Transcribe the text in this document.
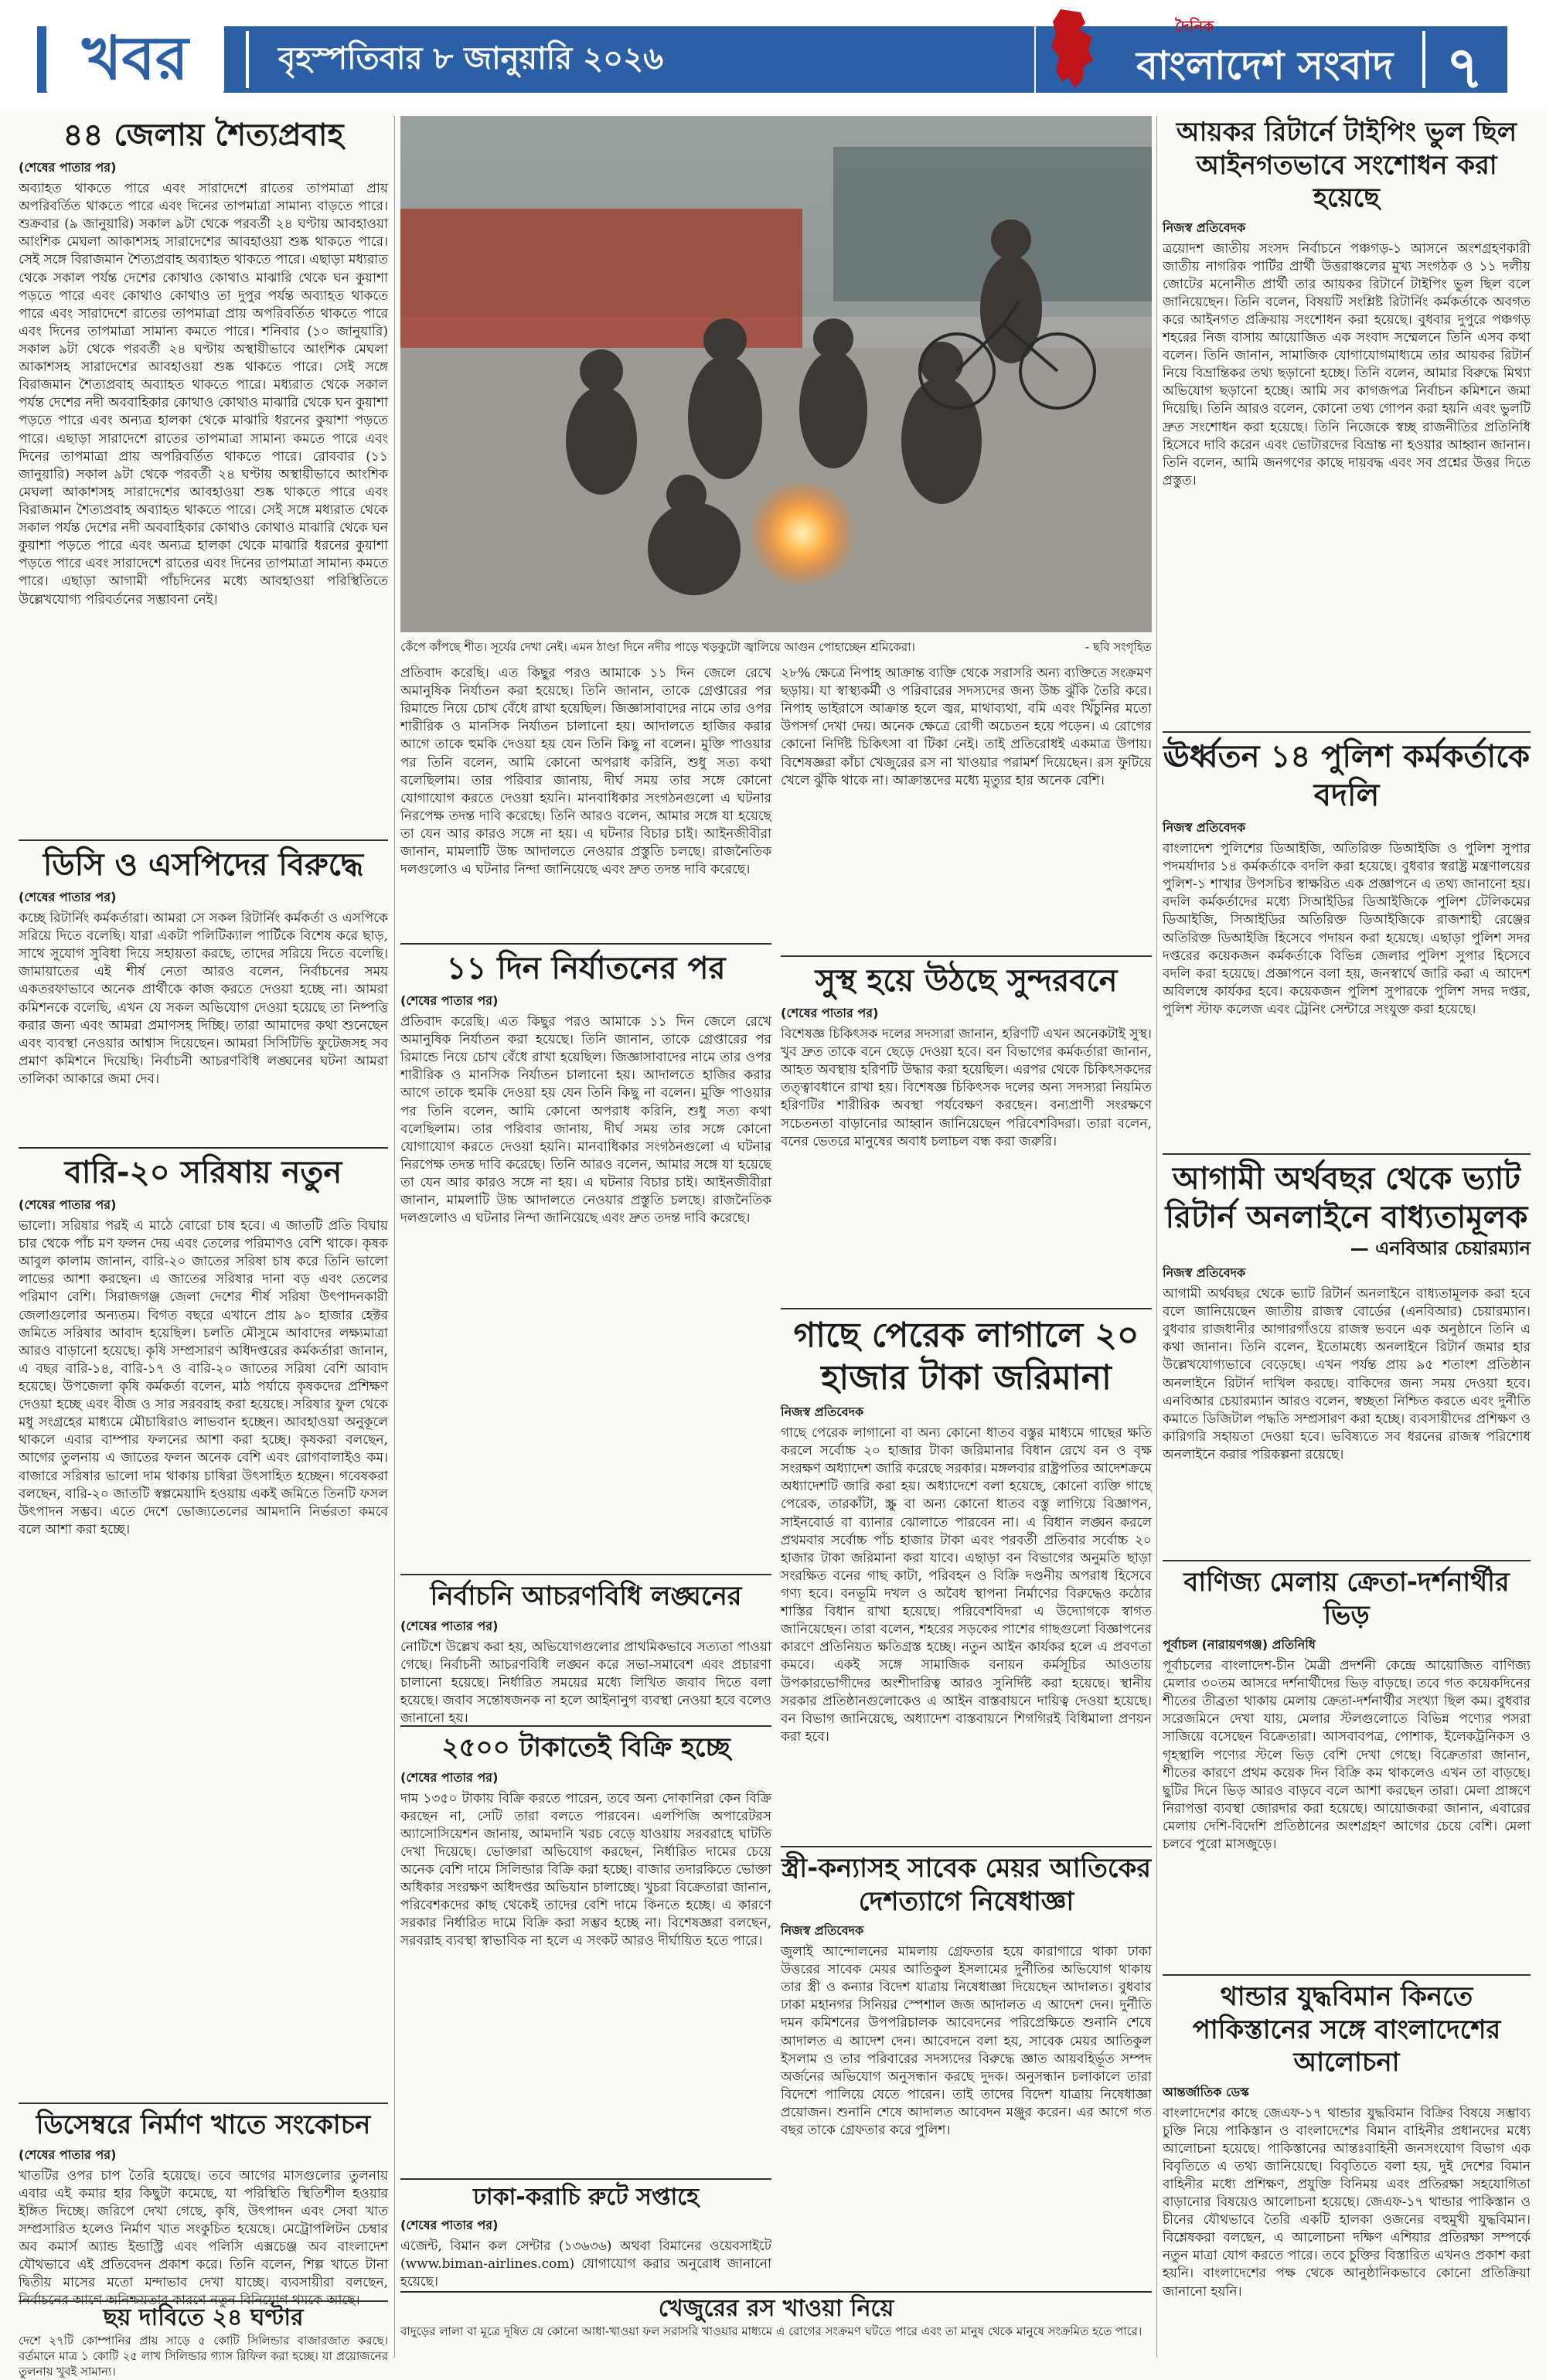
খবর	বৃহস্পতিবার ৮ জানুয়ারি ২০২৬
দৈনিক
বাংলাদেশ সংবাদ ৭
৪৪ জেলায় শৈত্যপ্রবাহ
(শেষের পাতার পর)
অব্যাহত থাকতে পারে এবং সারাদেশে রাতের তাপমাত্রা প্রায় অপরিবর্তিত থাকতে পারে এবং দিনের তাপমাত্রা সামান্য বাড়তে পারে। শুক্রবার (৯ জানুয়ারি) সকাল ৯টা থেকে পরবর্তী ২৪ ঘণ্টায় আবহাওয়া আংশিক মেঘলা আকাশসহ সারাদেশের আবহাওয়া শুষ্ক থাকতে পারে। সেই সঙ্গে বিরাজমান শৈত্যপ্রবাহ অব্যাহত থাকতে পারে। এছাড়া মধ্যরাত থেকে সকাল পর্যন্ত দেশের কোথাও কোথাও মাঝারি থেকে ঘন কুয়াশা পড়তে পারে এবং কোথাও কোথাও তা দুপুর পর্যন্ত অব্যাহত থাকতে পারে এবং সারাদেশে রাতের তাপমাত্রা প্রায় অপরিবর্তিত থাকতে পারে এবং দিনের তাপমাত্রা সামান্য কমতে পারে। শনিবার (১০ জানুয়ারি) সকাল ৯টা থেকে পরবর্তী ২৪ ঘণ্টায় অস্থায়ীভাবে আংশিক মেঘলা আকাশসহ সারাদেশের আবহাওয়া শুষ্ক থাকতে পারে। সেই সঙ্গে বিরাজমান শৈত্যপ্রবাহ অব্যাহত থাকতে পারে। মধ্যরাত থেকে সকাল পর্যন্ত দেশের নদী অববাহিকার কোথাও কোথাও মাঝারি থেকে ঘন কুয়াশা পড়তে পারে এবং অন্যত্র হালকা থেকে মাঝারি ধরনের কুয়াশা পড়তে পারে। এছাড়া সারাদেশে রাতের তাপমাত্রা সামান্য কমতে পারে এবং দিনের তাপমাত্রা প্রায় অপরিবর্তিত থাকতে পারে। রোববার (১১ জানুয়ারি) সকাল ৯টা থেকে পরবর্তী ২৪ ঘণ্টায় অস্থায়ীভাবে আংশিক মেঘলা আকাশসহ সারাদেশের আবহাওয়া শুষ্ক থাকতে পারে এবং বিরাজমান শৈত্যপ্রবাহ অব্যাহত থাকতে পারে। সেই সঙ্গে মধ্যরাত থেকে সকাল পর্যন্ত দেশের নদী অববাহিকার কোথাও কোথাও মাঝারি থেকে ঘন কুয়াশা পড়তে পারে এবং অন্যত্র হালকা থেকে মাঝারি ধরনের কুয়াশা পড়তে পারে এবং সারাদেশে রাতের এবং দিনের তাপমাত্রা সামান্য কমতে পারে। এছাড়া আগামী পাঁচদিনের মধ্যে আবহাওয়া পরিস্থিতিতে উল্লেখযোগ্য পরিবর্তনের সম্ভাবনা নেই।
ডিসি ও এসপিদের বিরুদ্ধে
(শেষের পাতার পর)
কচ্ছে রিটার্নিং কর্মকর্তারা। আমরা সে সকল রিটার্নিং কর্মকর্তা ও এসপিকে সরিয়ে দিতে বলেছি। যারা একটা পলিটিক্যাল পার্টিকে বিশেষ করে ছাড়, সাথে সুযোগ সুবিধা দিয়ে সহায়তা করছে, তাদের সরিয়ে দিতে বলেছি। জামায়াতের এই শীর্ষ নেতা আরও বলেন, নির্বাচনের সময় একতরফাভাবে অনেক প্রার্থীকে কাজ করতে দেওয়া হচ্ছে না। আমরা কমিশনকে বলেছি, এখন যে সকল অভিযোগ দেওয়া হয়েছে তা নিষ্পত্তি করার জন্য এবং আমরা প্রমাণসহ দিচ্ছি। তারা আমাদের কথা শুনেছেন এবং ব্যবস্থা নেওয়ার আশ্বাস দিয়েছেন। আমরা সিসিটিভি ফুটেজসহ সব প্রমাণ কমিশনে দিয়েছি। নির্বাচনী আচরণবিধি লঙ্ঘনের ঘটনা আমরা তালিকা আকারে জমা দেব।
বারি-২০ সরিষায় নতুন
(শেষের পাতার পর)
ভালো। সরিষার পরই এ মাঠে বোরো চাষ হবে। এ জাতটি প্রতি বিঘায় চার থেকে পাঁচ মণ ফলন দেয় এবং তেলের পরিমাণও বেশি থাকে। কৃষক আবুল কালাম জানান, বারি-২০ জাতের সরিষা চাষ করে তিনি ভালো লাভের আশা করছেন। এ জাতের সরিষার দানা বড় এবং তেলের পরিমাণ বেশি। সিরাজগঞ্জ জেলা দেশের শীর্ষ সরিষা উৎপাদনকারী জেলাগুলোর অন্যতম। বিগত বছরে এখানে প্রায় ৯০ হাজার হেক্টর জমিতে সরিষার আবাদ হয়েছিল। চলতি মৌসুমে আবাদের লক্ষ্যমাত্রা আরও বাড়ানো হয়েছে। কৃষি সম্প্রসারণ অধিদপ্তরের কর্মকর্তারা জানান, এ বছর বারি-১৪, বারি-১৭ ও বারি-২০ জাতের সরিষা বেশি আবাদ হয়েছে। উপজেলা কৃষি কর্মকর্তা বলেন, মাঠ পর্যায়ে কৃষকদের প্রশিক্ষণ দেওয়া হচ্ছে এবং বীজ ও সার সরবরাহ করা হয়েছে। সরিষার ফুল থেকে মধু সংগ্রহের মাধ্যমে মৌচাষিরাও লাভবান হচ্ছেন। আবহাওয়া অনুকূলে থাকলে এবার বাম্পার ফলনের আশা করা হচ্ছে। কৃষকরা বলছেন, আগের তুলনায় এ জাতের ফলন অনেক বেশি এবং রোগবালাইও কম। বাজারে সরিষার ভালো দাম থাকায় চাষিরা উৎসাহিত হচ্ছেন। গবেষকরা বলছেন, বারি-২০ জাতটি স্বল্পমেয়াদি হওয়ায় একই জমিতে তিনটি ফসল উৎপাদন সম্ভব। এতে দেশে ভোজ্যতেলের আমদানি নির্ভরতা কমবে বলে আশা করা হচ্ছে।
ডিসেম্বরে নির্মাণ খাতে সংকোচন
(শেষের পাতার পর)
খাতটির ওপর চাপ তৈরি হয়েছে। তবে আগের মাসগুলোর তুলনায় এবার এই কমার হার কিছুটা কমেছে, যা পরিস্থিতি স্থিতিশীল হওয়ার ইঙ্গিত দিচ্ছে। জরিপে দেখা গেছে, কৃষি, উৎপাদন এবং সেবা খাত সম্প্রসারিত হলেও নির্মাণ খাত সংকুচিত হয়েছে। মেট্রোপলিটন চেম্বার অব কমার্স অ্যান্ড ইন্ডাস্ট্রি এবং পলিসি এক্সচেঞ্জ অব বাংলাদেশ যৌথভাবে এই প্রতিবেদন প্রকাশ করে। তিনি বলেন, শিল্প খাতে টানা দ্বিতীয় মাসের মতো মন্দাভাব দেখা যাচ্ছে। ব্যবসায়ীরা বলছেন, নির্বাচনের আগে অনিশ্চয়তার কারণে নতুন বিনিয়োগ থমকে আছে।
ছয় দাবিতে ২৪ ঘণ্টার
দেশে ২৭টি কোম্পানির প্রায় সাড়ে ৫ কোটি সিলিন্ডার বাজারজাত করছে। বর্তমানে মাত্র ১ কোটি ২৫ লাখ সিলিন্ডার গ্যাস রিফিল করা হচ্ছে। যা প্রয়োজনের তুলনায় খুবই সামান্য।
কেঁপে কাঁপছে শীত। সূর্যের দেখা নেই। এমন ঠাণ্ডা দিনে নদীর পাড়ে খড়কুটো জ্বালিয়ে আগুন পোহাচ্ছেন শ্রমিকেরা।	- ছবি সংগৃহিত
প্রতিবাদ করেছি। এত কিছুর পরও আমাকে ১১ দিন জেলে রেখে অমানুষিক নির্যাতন করা হয়েছে। তিনি জানান, তাকে গ্রেপ্তারের পর রিমান্ডে নিয়ে চোখ বেঁধে রাখা হয়েছিল। জিজ্ঞাসাবাদের নামে তার ওপর শারীরিক ও মানসিক নির্যাতন চালানো হয়। আদালতে হাজির করার আগে তাকে হুমকি দেওয়া হয় যেন তিনি কিছু না বলেন। মুক্তি পাওয়ার পর তিনি বলেন, আমি কোনো অপরাধ করিনি, শুধু সত্য কথা বলেছিলাম। তার পরিবার জানায়, দীর্ঘ সময় তার সঙ্গে কোনো যোগাযোগ করতে দেওয়া হয়নি। মানবাধিকার সংগঠনগুলো এ ঘটনার নিরপেক্ষ তদন্ত দাবি করেছে। তিনি আরও বলেন, আমার সঙ্গে যা হয়েছে তা যেন আর কারও সঙ্গে না হয়। এ ঘটনার বিচার চাই। আইনজীবীরা জানান, মামলাটি উচ্চ আদালতে নেওয়ার প্রস্তুতি চলছে। রাজনৈতিক দলগুলোও এ ঘটনার নিন্দা জানিয়েছে এবং দ্রুত তদন্ত দাবি করেছে।
১১ দিন নির্যাতনের পর
(শেষের পাতার পর)
প্রতিবাদ করেছি। এত কিছুর পরও আমাকে ১১ দিন জেলে রেখে অমানুষিক নির্যাতন করা হয়েছে। তিনি জানান, তাকে গ্রেপ্তারের পর রিমান্ডে নিয়ে চোখ বেঁধে রাখা হয়েছিল। জিজ্ঞাসাবাদের নামে তার ওপর শারীরিক ও মানসিক নির্যাতন চালানো হয়। আদালতে হাজির করার আগে তাকে হুমকি দেওয়া হয় যেন তিনি কিছু না বলেন। মুক্তি পাওয়ার পর তিনি বলেন, আমি কোনো অপরাধ করিনি, শুধু সত্য কথা বলেছিলাম। তার পরিবার জানায়, দীর্ঘ সময় তার সঙ্গে কোনো যোগাযোগ করতে দেওয়া হয়নি। মানবাধিকার সংগঠনগুলো এ ঘটনার নিরপেক্ষ তদন্ত দাবি করেছে। তিনি আরও বলেন, আমার সঙ্গে যা হয়েছে তা যেন আর কারও সঙ্গে না হয়। এ ঘটনার বিচার চাই। আইনজীবীরা জানান, মামলাটি উচ্চ আদালতে নেওয়ার প্রস্তুতি চলছে। রাজনৈতিক দলগুলোও এ ঘটনার নিন্দা জানিয়েছে এবং দ্রুত তদন্ত দাবি করেছে।
নির্বাচনি আচরণবিধি লঙ্ঘনের
(শেষের পাতার পর)
নোটিশে উল্লেখ করা হয়, অভিযোগগুলোর প্রাথমিকভাবে সত্যতা পাওয়া গেছে। নির্বাচনী আচরণবিধি লঙ্ঘন করে সভা-সমাবেশ এবং প্রচারণা চালানো হয়েছে। নির্ধারিত সময়ের মধ্যে লিখিত জবাব দিতে বলা হয়েছে। জবাব সন্তোষজনক না হলে আইনানুগ ব্যবস্থা নেওয়া হবে বলেও জানানো হয়।
২৫০০ টাকাতেই বিক্রি হচ্ছে
(শেষের পাতার পর)
দাম ১৩৫০ টাকায় বিক্রি করতে পারেন, তবে অন্য দোকানিরা কেন বিক্রি করছেন না, সেটি তারা বলতে পারবেন। এলপিজি অপারেটরস অ্যাসোসিয়েশন জানায়, আমদানি খরচ বেড়ে যাওয়ায় সরবরাহে ঘাটতি দেখা দিয়েছে। ভোক্তারা অভিযোগ করছেন, নির্ধারিত দামের চেয়ে অনেক বেশি দামে সিলিন্ডার বিক্রি করা হচ্ছে। বাজার তদারকিতে ভোক্তা অধিকার সংরক্ষণ অধিদপ্তর অভিযান চালাচ্ছে। খুচরা বিক্রেতারা জানান, পরিবেশকদের কাছ থেকেই তাদের বেশি দামে কিনতে হচ্ছে। এ কারণে সরকার নির্ধারিত দামে বিক্রি করা সম্ভব হচ্ছে না। বিশেষজ্ঞরা বলছেন, সরবরাহ ব্যবস্থা স্বাভাবিক না হলে এ সংকট আরও দীর্ঘায়িত হতে পারে।
ঢাকা-করাচি রুটে সপ্তাহে
(শেষের পাতার পর)
এজেন্ট, বিমান কল সেন্টার (১৩৬৩৬) অথবা বিমানের ওয়েবসাইটে (www.biman-airlines.com) যোগাযোগ করার অনুরোধ জানানো হয়েছে।
খেজুরের রস খাওয়া নিয়ে
বাদুড়ের লালা বা মূত্রে দূষিত যে কোনো আধা-খাওয়া ফল সরাসরি খাওয়ার মাধ্যমে এ রোগের সংক্রমণ ঘটতে পারে এবং তা মানুষ থেকে মানুষে সংক্রমিত হতে পারে।
২৮% ক্ষেত্রে নিপাহ আক্রান্ত ব্যক্তি থেকে সরাসরি অন্য ব্যক্তিতে সংক্রমণ ছড়ায়। যা স্বাস্থ্যকর্মী ও পরিবারের সদস্যদের জন্য উচ্চ ঝুঁকি তৈরি করে। নিপাহ ভাইরাসে আক্রান্ত হলে জ্বর, মাথাব্যথা, বমি এবং খিঁচুনির মতো উপসর্গ দেখা দেয়। অনেক ক্ষেত্রে রোগী অচেতন হয়ে পড়েন। এ রোগের কোনো নির্দিষ্ট চিকিৎসা বা টিকা নেই। তাই প্রতিরোধই একমাত্র উপায়। বিশেষজ্ঞরা কাঁচা খেজুরের রস না খাওয়ার পরামর্শ দিয়েছেন। রস ফুটিয়ে খেলে ঝুঁকি থাকে না। আক্রান্তদের মধ্যে মৃত্যুর হার অনেক বেশি।
সুস্থ হয়ে উঠছে সুন্দরবনে
(শেষের পাতার পর)
বিশেষজ্ঞ চিকিৎসক দলের সদস্যরা জানান, হরিণটি এখন অনেকটাই সুস্থ। খুব দ্রুত তাকে বনে ছেড়ে দেওয়া হবে। বন বিভাগের কর্মকর্তারা জানান, আহত অবস্থায় হরিণটি উদ্ধার করা হয়েছিল। এরপর থেকে চিকিৎসকদের তত্ত্বাবধানে রাখা হয়। বিশেষজ্ঞ চিকিৎসক দলের অন্য সদস্যরা নিয়মিত হরিণটির শারীরিক অবস্থা পর্যবেক্ষণ করছেন। বন্যপ্রাণী সংরক্ষণে সচেতনতা বাড়ানোর আহ্বান জানিয়েছেন পরিবেশবিদরা। তারা বলেন, বনের ভেতরে মানুষের অবাধ চলাচল বন্ধ করা জরুরি।
গাছে পেরেক লাগালে ২০ হাজার টাকা জরিমানা
নিজস্ব প্রতিবেদক
গাছে পেরেক লাগানো বা অন্য কোনো ধাতব বস্তুর মাধ্যমে গাছের ক্ষতি করলে সর্বোচ্চ ২০ হাজার টাকা জরিমানার বিধান রেখে বন ও বৃক্ষ সংরক্ষণ অধ্যাদেশ জারি করেছে সরকার। মঙ্গলবার রাষ্ট্রপতির আদেশক্রমে অধ্যাদেশটি জারি করা হয়। অধ্যাদেশে বলা হয়েছে, কোনো ব্যক্তি গাছে পেরেক, তারকাঁটা, স্ক্রু বা অন্য কোনো ধাতব বস্তু লাগিয়ে বিজ্ঞাপন, সাইনবোর্ড বা ব্যানার ঝোলাতে পারবেন না। এ বিধান লঙ্ঘন করলে প্রথমবার সর্বোচ্চ পাঁচ হাজার টাকা এবং পরবর্তী প্রতিবার সর্বোচ্চ ২০ হাজার টাকা জরিমানা করা যাবে। এছাড়া বন বিভাগের অনুমতি ছাড়া সংরক্ষিত বনের গাছ কাটা, পরিবহন ও বিক্রি দণ্ডনীয় অপরাধ হিসেবে গণ্য হবে। বনভূমি দখল ও অবৈধ স্থাপনা নির্মাণের বিরুদ্ধেও কঠোর শাস্তির বিধান রাখা হয়েছে। পরিবেশবিদরা এ উদ্যোগকে স্বাগত জানিয়েছেন। তারা বলেন, শহরের সড়কের পাশের গাছগুলো বিজ্ঞাপনের কারণে প্রতিনিয়ত ক্ষতিগ্রস্ত হচ্ছে। নতুন আইন কার্যকর হলে এ প্রবণতা কমবে। একই সঙ্গে সামাজিক বনায়ন কর্মসূচির আওতায় উপকারভোগীদের অংশীদারিত্ব আরও সুনির্দিষ্ট করা হয়েছে। স্থানীয় সরকার প্রতিষ্ঠানগুলোকেও এ আইন বাস্তবায়নে দায়িত্ব দেওয়া হয়েছে। বন বিভাগ জানিয়েছে, অধ্যাদেশ বাস্তবায়নে শিগগিরই বিধিমালা প্রণয়ন করা হবে।
স্ত্রী-কন্যাসহ সাবেক মেয়র আতিকের দেশত্যাগে নিষেধাজ্ঞা
নিজস্ব প্রতিবেদক
জুলাই আন্দোলনের মামলায় গ্রেফতার হয়ে কারাগারে থাকা ঢাকা উত্তরের সাবেক মেয়র আতিকুল ইসলামের দুর্নীতির অভিযোগ থাকায় তার স্ত্রী ও কন্যার বিদেশ যাত্রায় নিষেধাজ্ঞা দিয়েছেন আদালত। বুধবার ঢাকা মহানগর সিনিয়র স্পেশাল জজ আদালত এ আদেশ দেন। দুর্নীতি দমন কমিশনের উপপরিচালক আবেদনের পরিপ্রেক্ষিতে শুনানি শেষে আদালত এ আদেশ দেন। আবেদনে বলা হয়, সাবেক মেয়র আতিকুল ইসলাম ও তার পরিবারের সদস্যদের বিরুদ্ধে জ্ঞাত আয়বহির্ভূত সম্পদ অর্জনের অভিযোগ অনুসন্ধান করছে দুদক। অনুসন্ধান চলাকালে তারা বিদেশে পালিয়ে যেতে পারেন। তাই তাদের বিদেশ যাত্রায় নিষেধাজ্ঞা প্রয়োজন। শুনানি শেষে আদালত আবেদন মঞ্জুর করেন। এর আগে গত বছর তাকে গ্রেফতার করে পুলিশ।
আয়কর রিটার্নে টাইপিং ভুল ছিল আইনগতভাবে সংশোধন করা হয়েছে
নিজস্ব প্রতিবেদক
ত্রয়োদশ জাতীয় সংসদ নির্বাচনে পঞ্চগড়-১ আসনে অংশগ্রহণকারী জাতীয় নাগরিক পার্টির প্রার্থী উত্তরাঞ্চলের মুখ্য সংগঠক ও ১১ দলীয় জোটের মনোনীত প্রার্থী তার আয়কর রিটার্নে টাইপিং ভুল ছিল বলে জানিয়েছেন। তিনি বলেন, বিষয়টি সংশ্লিষ্ট রিটার্নিং কর্মকর্তাকে অবগত করে আইনগত প্রক্রিয়ায় সংশোধন করা হয়েছে। বুধবার দুপুরে পঞ্চগড় শহরের নিজ বাসায় আয়োজিত এক সংবাদ সম্মেলনে তিনি এসব কথা বলেন। তিনি জানান, সামাজিক যোগাযোগমাধ্যমে তার আয়কর রিটার্ন নিয়ে বিভ্রান্তিকর তথ্য ছড়ানো হচ্ছে। তিনি বলেন, আমার বিরুদ্ধে মিথ্যা অভিযোগ ছড়ানো হচ্ছে। আমি সব কাগজপত্র নির্বাচন কমিশনে জমা দিয়েছি। তিনি আরও বলেন, কোনো তথ্য গোপন করা হয়নি এবং ভুলটি দ্রুত সংশোধন করা হয়েছে। তিনি নিজেকে স্বচ্ছ রাজনীতির প্রতিনিধি হিসেবে দাবি করেন এবং ভোটারদের বিভ্রান্ত না হওয়ার আহ্বান জানান। তিনি বলেন, আমি জনগণের কাছে দায়বদ্ধ এবং সব প্রশ্নের উত্তর দিতে প্রস্তুত।
ঊর্ধ্বতন ১৪ পুলিশ কর্মকর্তাকে বদলি
নিজস্ব প্রতিবেদক
বাংলাদেশ পুলিশের ডিআইজি, অতিরিক্ত ডিআইজি ও পুলিশ সুপার পদমর্যাদার ১৪ কর্মকর্তাকে বদলি করা হয়েছে। বুধবার স্বরাষ্ট্র মন্ত্রণালয়ের পুলিশ-১ শাখার উপসচিব স্বাক্ষরিত এক প্রজ্ঞাপনে এ তথ্য জানানো হয়। বদলি কর্মকর্তাদের মধ্যে সিআইডির ডিআইজিকে পুলিশ টেলিকমের ডিআইজি, সিআইডির অতিরিক্ত ডিআইজিকে রাজশাহী রেঞ্জের অতিরিক্ত ডিআইজি হিসেবে পদায়ন করা হয়েছে। এছাড়া পুলিশ সদর দপ্তরের কয়েকজন কর্মকর্তাকে বিভিন্ন জেলার পুলিশ সুপার হিসেবে বদলি করা হয়েছে। প্রজ্ঞাপনে বলা হয়, জনস্বার্থে জারি করা এ আদেশ অবিলম্বে কার্যকর হবে। কয়েকজন পুলিশ সুপারকে পুলিশ সদর দপ্তর, পুলিশ স্টাফ কলেজ এবং ট্রেনিং সেন্টারে সংযুক্ত করা হয়েছে।
আগামী অর্থবছর থেকে ভ্যাট রিটার্ন অনলাইনে বাধ্যতামূলক
— এনবিআর চেয়ারম্যান
নিজস্ব প্রতিবেদক
আগামী অর্থবছর থেকে ভ্যাট রিটার্ন অনলাইনে বাধ্যতামূলক করা হবে বলে জানিয়েছেন জাতীয় রাজস্ব বোর্ডের (এনবিআর) চেয়ারম্যান। বুধবার রাজধানীর আগারগাঁওয়ে রাজস্ব ভবনে এক অনুষ্ঠানে তিনি এ কথা জানান। তিনি বলেন, ইতোমধ্যে অনলাইনে রিটার্ন জমার হার উল্লেখযোগ্যভাবে বেড়েছে। এখন পর্যন্ত প্রায় ৯৫ শতাংশ প্রতিষ্ঠান অনলাইনে রিটার্ন দাখিল করছে। বাকিদের জন্য সময় দেওয়া হবে। এনবিআর চেয়ারম্যান আরও বলেন, স্বচ্ছতা নিশ্চিত করতে এবং দুর্নীতি কমাতে ডিজিটাল পদ্ধতি সম্প্রসারণ করা হচ্ছে। ব্যবসায়ীদের প্রশিক্ষণ ও কারিগরি সহায়তা দেওয়া হবে। ভবিষ্যতে সব ধরনের রাজস্ব পরিশোধ অনলাইনে করার পরিকল্পনা রয়েছে।
বাণিজ্য মেলায় ক্রেতা-দর্শনার্থীর ভিড়
পূর্বাচল (নারায়ণগঞ্জ) প্রতিনিধি
পূর্বাচলের বাংলাদেশ-চীন মৈত্রী প্রদর্শনী কেন্দ্রে আয়োজিত বাণিজ্য মেলার ৩০তম আসরে দর্শনার্থীদের ভিড় বাড়ছে। তবে গত কয়েকদিনের শীতের তীব্রতা থাকায় মেলায় ক্রেতা-দর্শনার্থীর সংখ্যা ছিল কম। বুধবার সরেজমিনে দেখা যায়, মেলার স্টলগুলোতে বিভিন্ন পণ্যের পসরা সাজিয়ে বসেছেন বিক্রেতারা। আসবাবপত্র, পোশাক, ইলেকট্রনিকস ও গৃহস্থালি পণ্যের স্টলে ভিড় বেশি দেখা গেছে। বিক্রেতারা জানান, শীতের কারণে প্রথম কয়েক দিন বিক্রি কম থাকলেও এখন তা বাড়ছে। ছুটির দিনে ভিড় আরও বাড়বে বলে আশা করছেন তারা। মেলা প্রাঙ্গণে নিরাপত্তা ব্যবস্থা জোরদার করা হয়েছে। আয়োজকরা জানান, এবারের মেলায় দেশি-বিদেশি প্রতিষ্ঠানের অংশগ্রহণ আগের চেয়ে বেশি। মেলা চলবে পুরো মাসজুড়ে।
থান্ডার যুদ্ধবিমান কিনতে পাকিস্তানের সঙ্গে বাংলাদেশের আলোচনা
আন্তর্জাতিক ডেস্ক
বাংলাদেশের কাছে জেএফ-১৭ থান্ডার যুদ্ধবিমান বিক্রির বিষয়ে সম্ভাব্য চুক্তি নিয়ে পাকিস্তান ও বাংলাদেশের বিমান বাহিনীর প্রধানদের মধ্যে আলোচনা হয়েছে। পাকিস্তানের আন্তঃবাহিনী জনসংযোগ বিভাগ এক বিবৃতিতে এ তথ্য জানিয়েছে। বিবৃতিতে বলা হয়, দুই দেশের বিমান বাহিনীর মধ্যে প্রশিক্ষণ, প্রযুক্তি বিনিময় এবং প্রতিরক্ষা সহযোগিতা বাড়ানোর বিষয়েও আলোচনা হয়েছে। জেএফ-১৭ থান্ডার পাকিস্তান ও চীনের যৌথভাবে তৈরি একটি হালকা ওজনের বহুমুখী যুদ্ধবিমান। বিশ্লেষকরা বলছেন, এ আলোচনা দক্ষিণ এশিয়ার প্রতিরক্ষা সম্পর্কে নতুন মাত্রা যোগ করতে পারে। তবে চুক্তির বিস্তারিত এখনও প্রকাশ করা হয়নি। বাংলাদেশের পক্ষ থেকে আনুষ্ঠানিকভাবে কোনো প্রতিক্রিয়া জানানো হয়নি।
